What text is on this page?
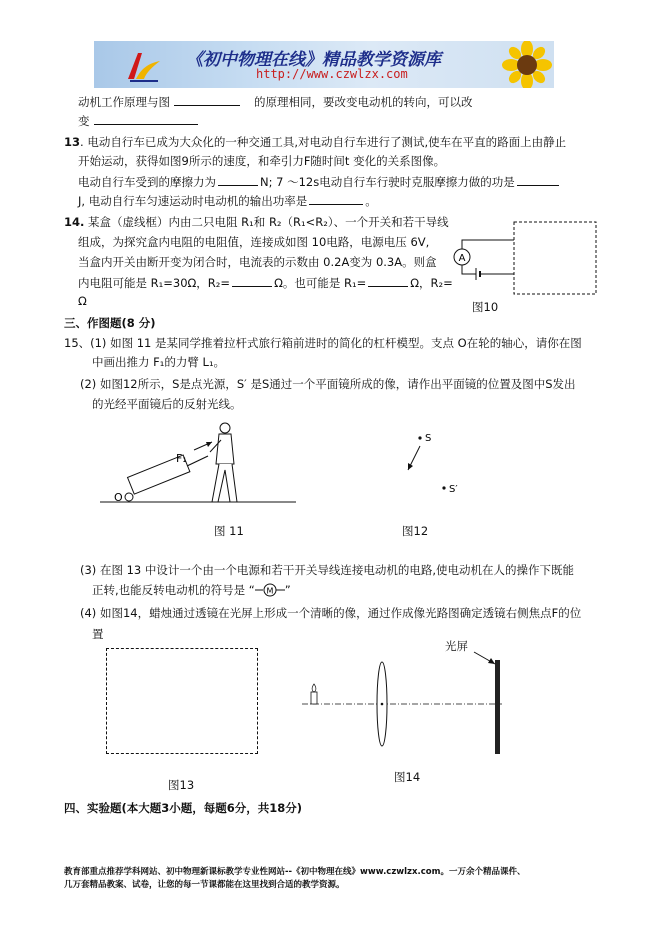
《初中物理在线》精品教学资源库
http://www.czwlzx.com
动机工作原理与图	的原理相同，要改变电动机的转向，可以改
变
13. 电动自行车已成为大众化的一种交通工具,对电动自行车进行了测试,使车在平直的路面上由静止
开始运动，获得如图9所示的速度，和牵引力F随时间t 变化的关系图像。
电动自行车受到的摩擦力为	N; 7 ～12s电动自行车行驶时克服摩擦力做的功是
J, 电动自行车匀速运动时电动机的输出功率是	。
14. 某盒（虚线框）内由二只电阻 R₁和 R₂（R₁<R₂）、一个开关和若干导线
组成，为探究盒内电阻的电阻值，连接成如图 10电路，电源电压 6V,
当盒内开关由断开变为闭合时，电流表的示数由 0.2A变为 0.3A。则盒
内电阻可能是 R₁=30Ω，R₂=	Ω。也可能是 R₁=	Ω，R₂=
Ω
A
图10
三、作图题(8 分)
15、(1) 如图 11 是某同学推着拉杆式旅行箱前进时的简化的杠杆模型。支点 O在轮的轴心，请你在图
中画出推力 F₁的力臂 L₁。
(2) 如图12所示，S是点光源，S′ 是S通过一个平面镜所成的像，请作出平面镜的位置及图中S发出
的光经平面镜后的反射光线。
O
F₁
图 11
S
S′
图12
(3) 在图 13 中设计一个由一个电源和若干开关导线连接电动机的电路,使电动机在人的操作下既能
正转,也能反转电动机的符号是 “ M ”
(4) 如图14，蜡烛通过透镜在光屏上形成一个清晰的像，通过作成像光路图确定透镜右侧焦点F的位
置
图13
光屏
图14
四、实验题(本大题3小题，每题6分，共18分)
教育部重点推荐学科网站、初中物理新课标教学专业性网站--《初中物理在线》www.czwlzx.com。一万余个精品课件、
几万套精品教案、试卷，让您的每一节课都能在这里找到合适的教学资源。
